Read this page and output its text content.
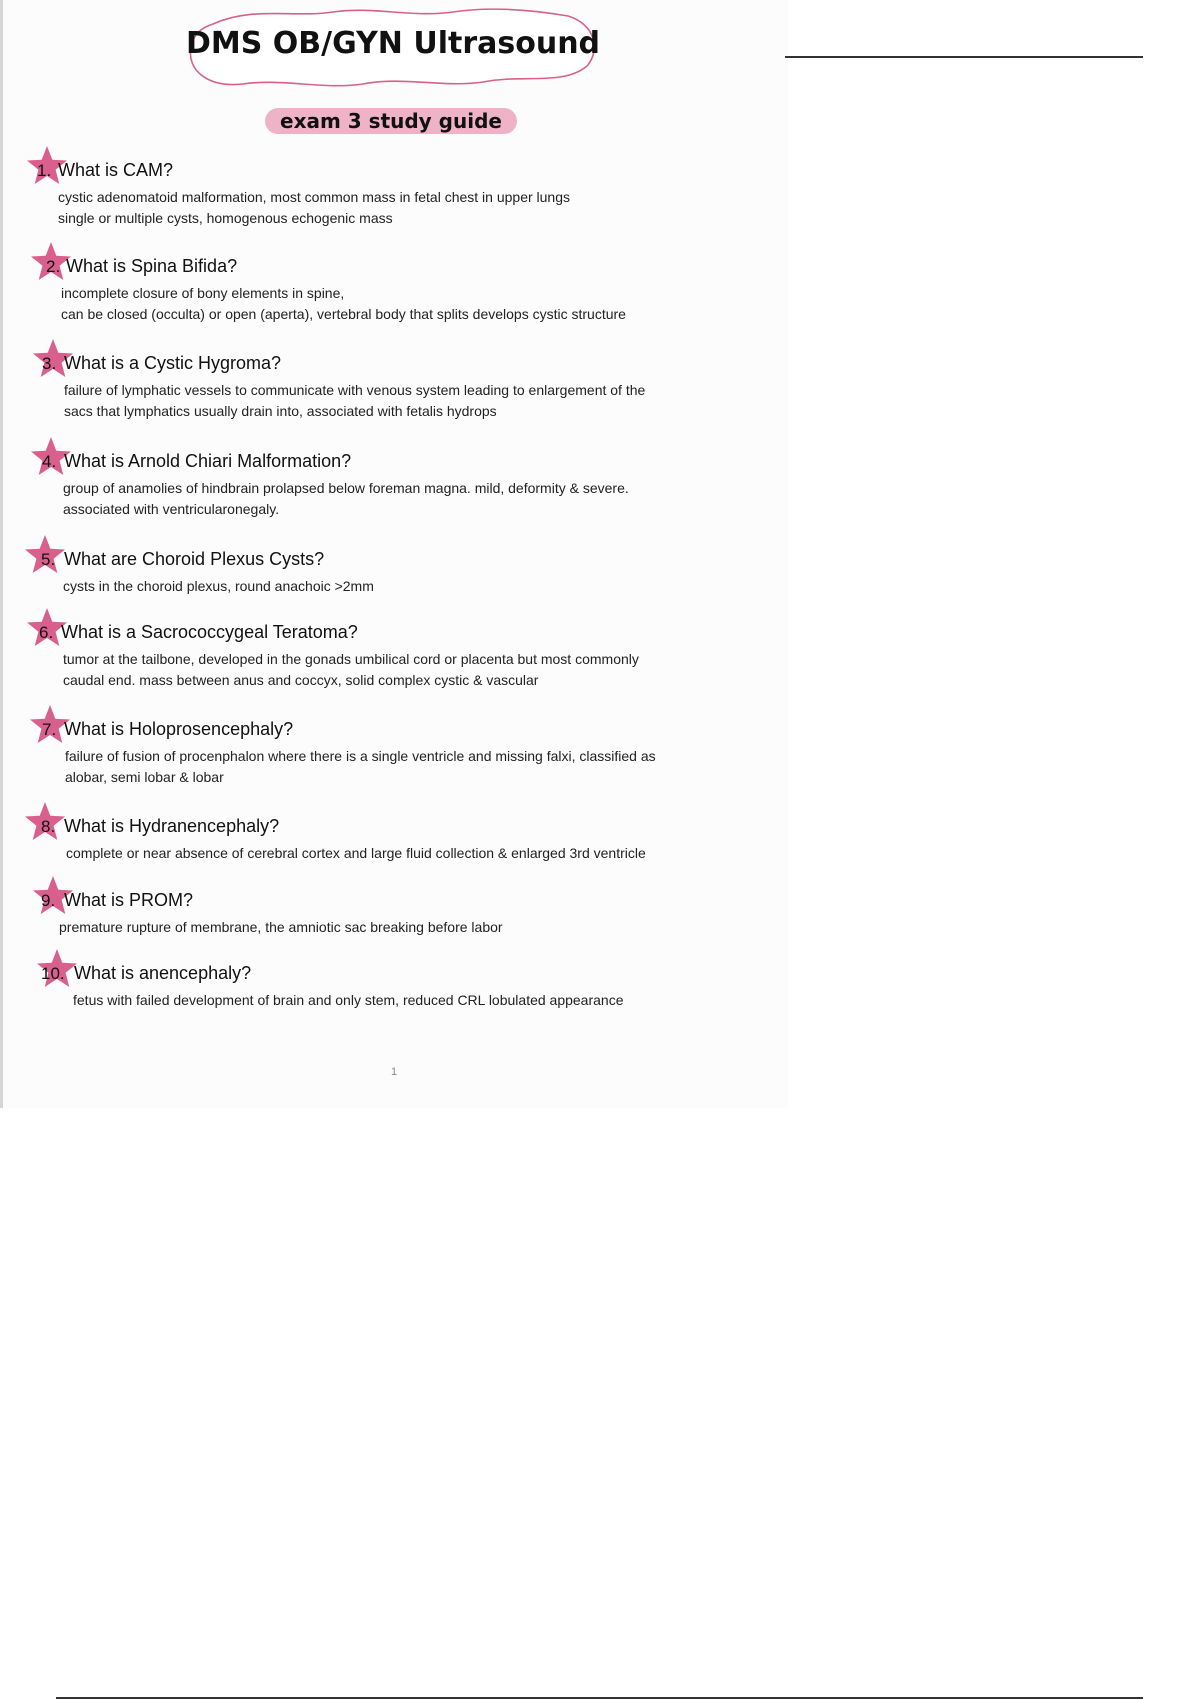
DMS OB/GYN Ultrasound
exam 3 study guide
1. What is CAM?
cystic adenomatoid malformation, most common mass in fetal chest in upper lungs
single or multiple cysts, homogenous echogenic mass
2. What is Spina Bifida?
incomplete closure of bony elements in spine,
can be closed (occulta) or open (aperta), vertebral body that splits develops cystic structure
3. What is a Cystic Hygroma?
failure of lymphatic vessels to communicate with venous system leading to enlargement of the
sacs that lymphatics usually drain into, associated with fetalis hydrops
4. What is Arnold Chiari Malformation?
group of anamolies of hindbrain prolapsed below foreman magna. mild, deformity & severe.
associated with ventricularonegaly.
5. What are Choroid Plexus Cysts?
cysts in the choroid plexus, round anachoic >2mm
6. What is a Sacrococcygeal Teratoma?
tumor at the tailbone, developed in the gonads umbilical cord or placenta but most commonly
caudal end. mass between anus and coccyx, solid complex cystic & vascular
7. What is Holoprosencephaly?
failure of fusion of procenphalon where there is a single ventricle and missing falxi, classified as
alobar, semi lobar & lobar
8. What is Hydranencephaly?
complete or near absence of cerebral cortex and large fluid collection & enlarged 3rd ventricle
9. What is PROM?
premature rupture of membrane, the amniotic sac breaking before labor
10. What is anencephaly?
fetus with failed development of brain and only stem, reduced CRL lobulated appearance
1
